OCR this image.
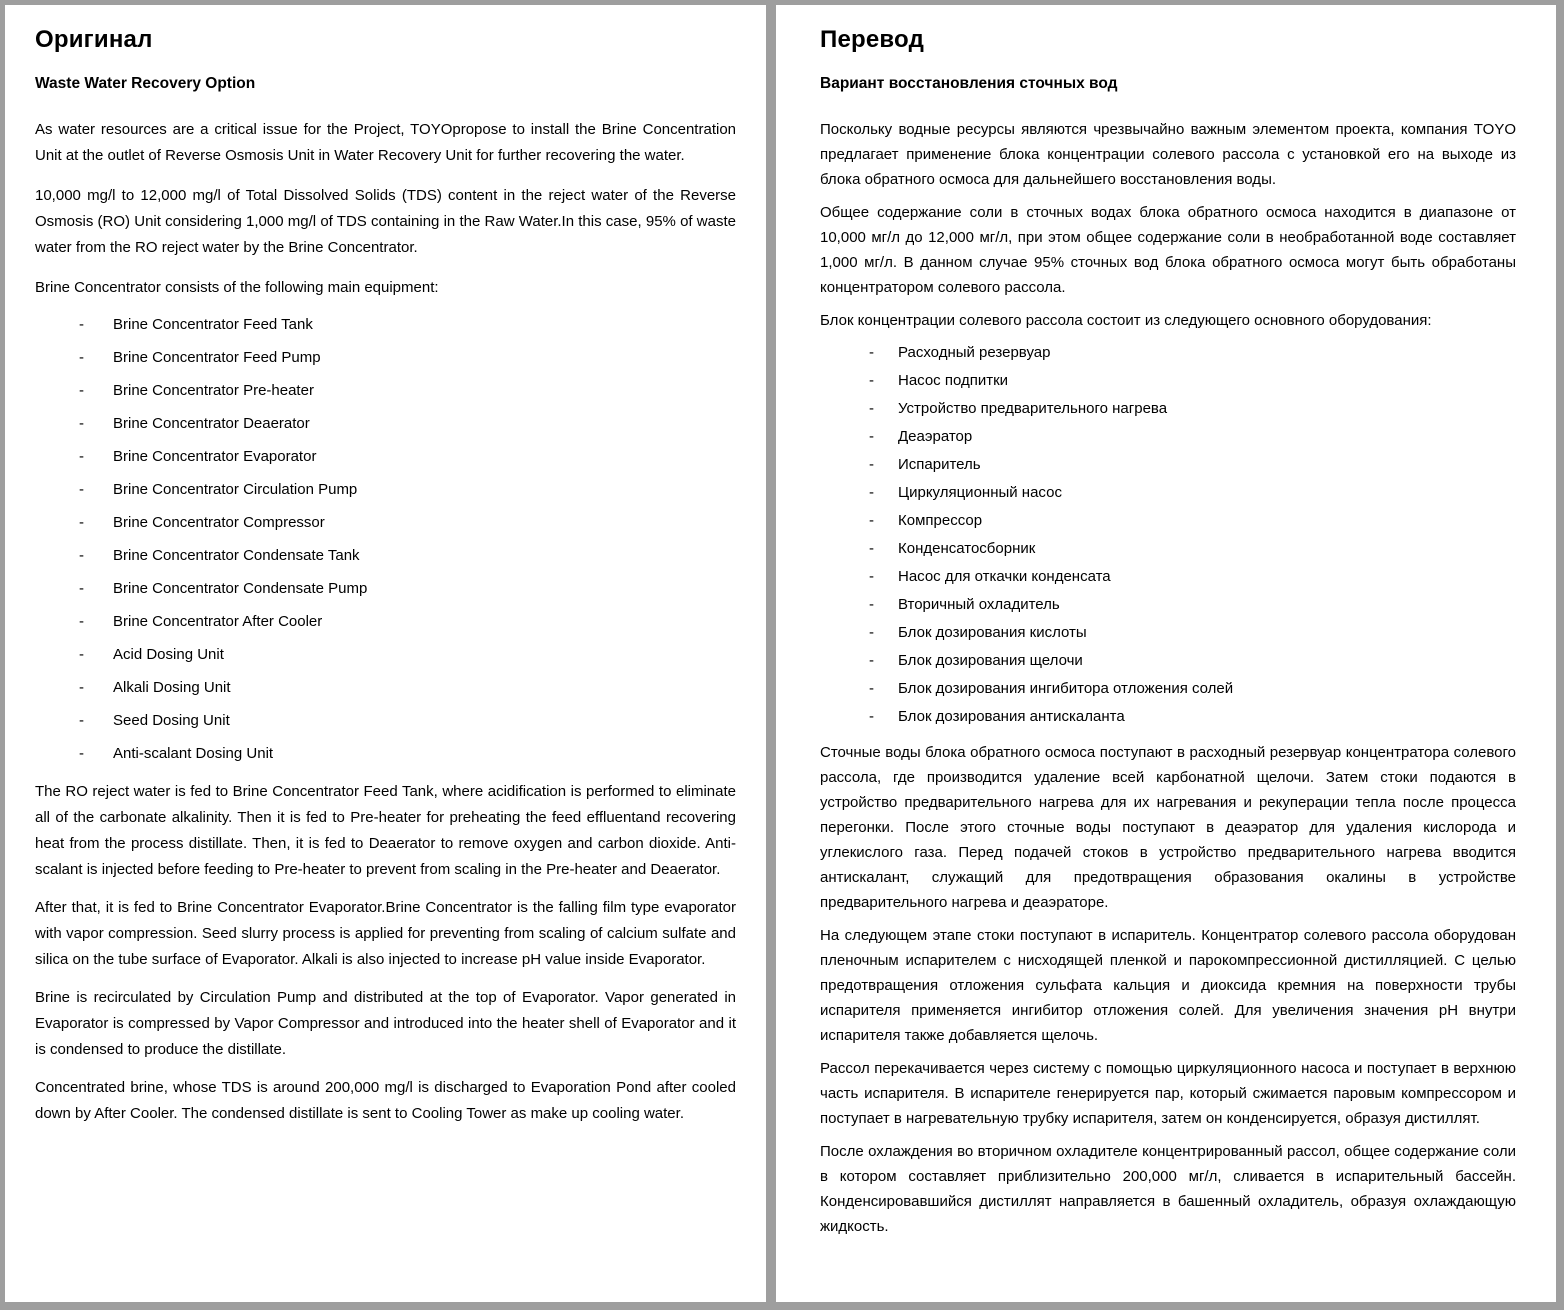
Оригинал
Waste Water Recovery Option

As water resources are a critical issue for the Project, TOYOpropose to install the Brine Concentration Unit at the outlet of Reverse Osmosis Unit in Water Recovery Unit for further recovering the water.

10,000 mg/l to 12,000 mg/l of Total Dissolved Solids (TDS) content in the reject water of the Reverse Osmosis (RO) Unit considering 1,000 mg/l of TDS containing in the Raw Water.In this case, 95% of waste water from the RO reject water by the Brine Concentrator.

Brine Concentrator consists of the following main equipment:
-	Brine Concentrator Feed Tank
-	Brine Concentrator Feed Pump
-	Brine Concentrator Pre-heater
-	Brine Concentrator Deaerator
-	Brine Concentrator Evaporator
-	Brine Concentrator Circulation Pump
-	Brine Concentrator Compressor
-	Brine Concentrator Condensate Tank
-	Brine Concentrator Condensate Pump
-	Brine Concentrator After Cooler
-	Acid Dosing Unit
-	Alkali Dosing Unit
-	Seed Dosing Unit
-	Anti-scalant Dosing Unit

The RO reject water is fed to Brine Concentrator Feed Tank, where acidification is performed to eliminate all of the carbonate alkalinity. Then it is fed to Pre-heater for preheating the feed effluentand recovering heat from the process distillate. Then, it is fed to Deaerator to remove oxygen and carbon dioxide. Anti-scalant is injected before feeding to Pre-heater to prevent from scaling in the Pre-heater and Deaerator.

After that, it is fed to Brine Concentrator Evaporator.Brine Concentrator is the falling film type evaporator with vapor compression. Seed slurry process is applied for preventing from scaling of calcium sulfate and silica on the tube surface of Evaporator. Alkali is also injected to increase pH value inside Evaporator.

Brine is recirculated by Circulation Pump and distributed at the top of Evaporator. Vapor generated in Evaporator is compressed by Vapor Compressor and introduced into the heater shell of Evaporator and it is condensed to produce the distillate.

Concentrated brine, whose TDS is around 200,000 mg/l is discharged to Evaporation Pond after cooled down by After Cooler. The condensed distillate is sent to Cooling Tower as make up cooling water.

Перевод
Вариант восстановления сточных вод

Поскольку водные ресурсы являются чрезвычайно важным элементом проекта, компания TOYO предлагает применение блока концентрации солевого рассола с установкой его на выходе из блока обратного осмоса для дальнейшего восстановления воды.

Общее содержание соли в сточных водах блока обратного осмоса находится в диапазоне от 10,000 мг/л до 12,000 мг/л, при этом общее содержание соли в необработанной воде составляет 1,000 мг/л. В данном случае 95% сточных вод блока обратного осмоса могут быть обработаны концентратором солевого рассола.

Блок концентрации солевого рассола состоит из следующего основного оборудования:
-	Расходный резервуар
-	Насос подпитки
-	Устройство предварительного нагрева
-	Деаэратор
-	Испаритель
-	Циркуляционный насос
-	Компрессор
-	Конденсатосборник
-	Насос для откачки конденсата
-	Вторичный охладитель
-	Блок дозирования кислоты
-	Блок дозирования щелочи
-	Блок дозирования ингибитора отложения солей
-	Блок дозирования антискаланта

Сточные воды блока обратного осмоса поступают в расходный резервуар концентратора солевого рассола, где производится удаление всей карбонатной щелочи. Затем стоки подаются в устройство предварительного нагрева для их нагревания и рекуперации тепла после процесса перегонки. После этого сточные воды поступают в деаэратор для удаления кислорода и углекислого газа. Перед подачей стоков в устройство предварительного нагрева вводится антискалант, служащий для предотвращения образования окалины в устройстве предварительного нагрева и деаэраторе.

На следующем этапе стоки поступают в испаритель. Концентратор солевого рассола оборудован пленочным испарителем с нисходящей пленкой и парокомпрессионной дистилляцией. С целью предотвращения отложения сульфата кальция и диоксида кремния на поверхности трубы испарителя применяется ингибитор отложения солей. Для увеличения значения pH внутри испарителя также добавляется щелочь.

Рассол перекачивается через систему с помощью циркуляционного насоса и поступает в верхнюю часть испарителя. В испарителе генерируется пар, который сжимается паровым компрессором и поступает в нагревательную трубку испарителя, затем он конденсируется, образуя дистиллят.

После охлаждения во вторичном охладителе концентрированный рассол, общее содержание соли в котором составляет приблизительно 200,000 мг/л, сливается в испарительный бассейн. Конденсировавшийся дистиллят направляется в башенный охладитель, образуя охлаждающую жидкость.
